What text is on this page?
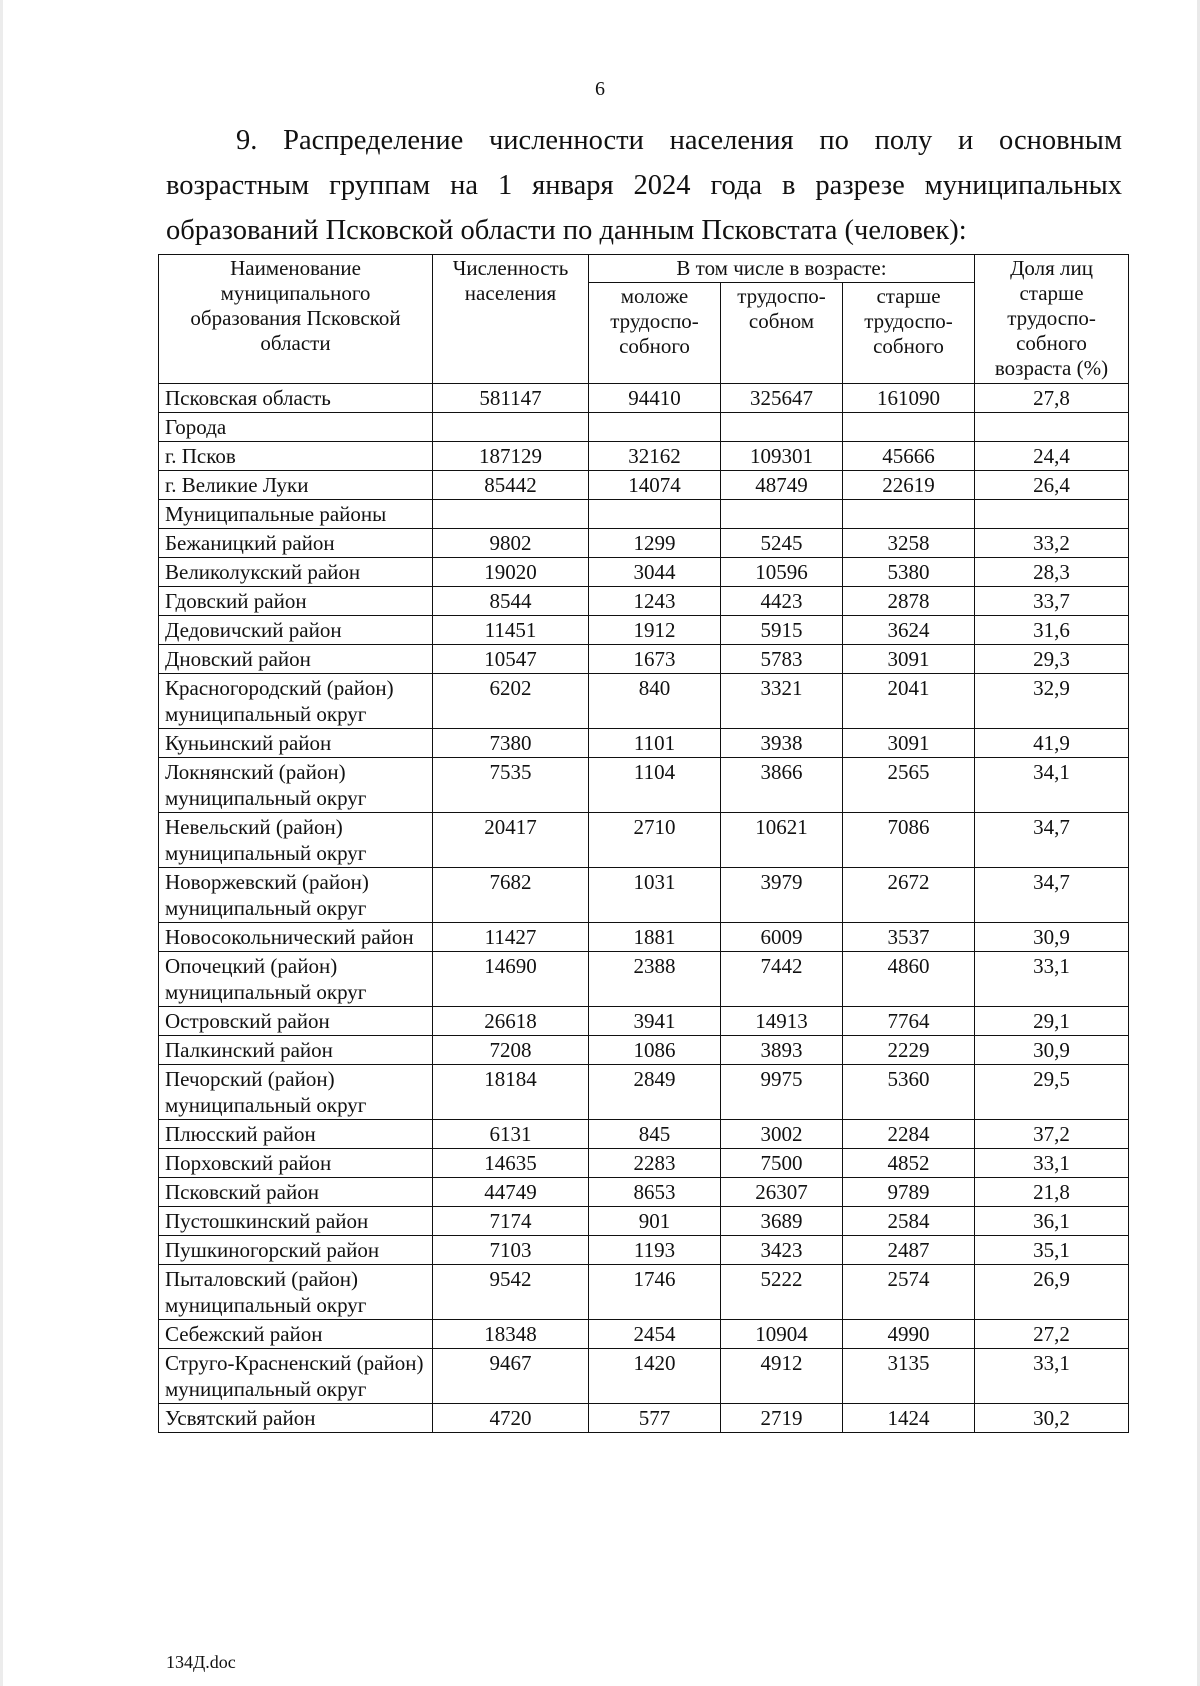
6
9. Распределение численности населения по полу и основным возрастным группам на 1 января 2024 года в разрезе муниципальных образований Псковской области по данным Псковстата (человек):
Наименование муниципального образования Псковской области	Численность населения	В том числе в возрасте:			Доля лиц старше трудоспо- собного возраста (%)
		моложе трудоспо- собного	трудоспо- собном	старше трудоспо- собного	
Псковская область	581147	94410	325647	161090	27,8
Города					
г. Псков	187129	32162	109301	45666	24,4
г. Великие Луки	85442	14074	48749	22619	26,4
Муниципальные районы					
Бежаницкий район	9802	1299	5245	3258	33,2
Великолукский район	19020	3044	10596	5380	28,3
Гдовский район	8544	1243	4423	2878	33,7
Дедовичский район	11451	1912	5915	3624	31,6
Дновский район	10547	1673	5783	3091	29,3
Красногородский (район) муниципальный округ	6202	840	3321	2041	32,9
Куньинский район	7380	1101	3938	3091	41,9
Локнянский (район) муниципальный округ	7535	1104	3866	2565	34,1
Невельский (район) муниципальный округ	20417	2710	10621	7086	34,7
Новоржевский (район) муниципальный округ	7682	1031	3979	2672	34,7
Новосокольнический район	11427	1881	6009	3537	30,9
Опочецкий (район) муниципальный округ	14690	2388	7442	4860	33,1
Островский район	26618	3941	14913	7764	29,1
Палкинский район	7208	1086	3893	2229	30,9
Печорский (район) муниципальный округ	18184	2849	9975	5360	29,5
Плюсский район	6131	845	3002	2284	37,2
Порховский район	14635	2283	7500	4852	33,1
Псковский район	44749	8653	26307	9789	21,8
Пустошкинский район	7174	901	3689	2584	36,1
Пушкиногорский район	7103	1193	3423	2487	35,1
Пыталовский (район) муниципальный округ	9542	1746	5222	2574	26,9
Себежский район	18348	2454	10904	4990	27,2
Струго-Красненский (район) муниципальный округ	9467	1420	4912	3135	33,1
Усвятский район	4720	577	2719	1424	30,2
134Д.doc
